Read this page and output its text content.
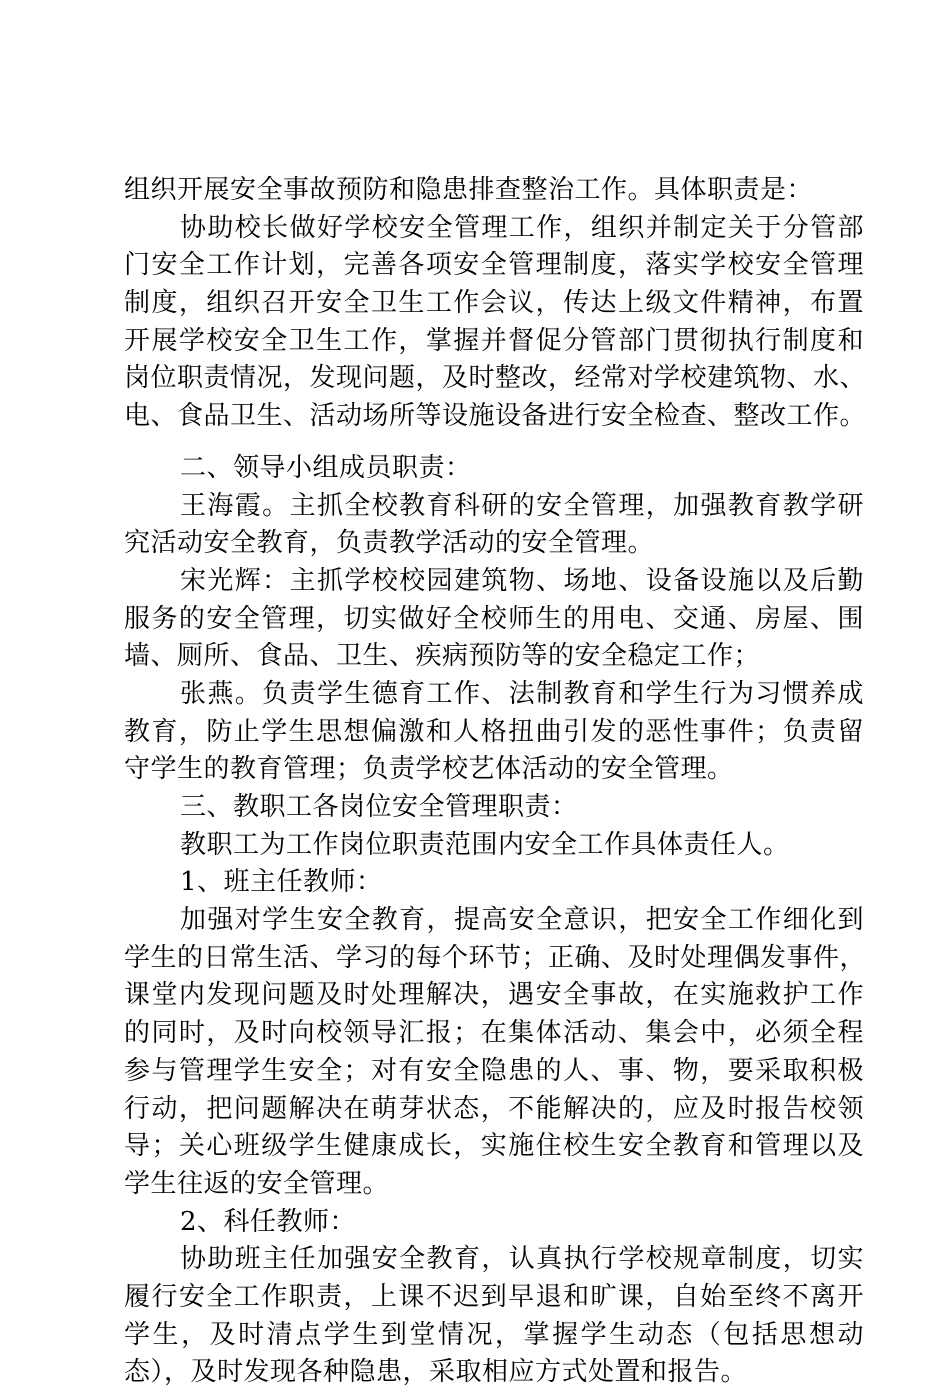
组织开展安全事故预防和隐患排查整治工作。具体职责是：
协助校长做好学校安全管理工作，组织并制定关于分管部
门安全工作计划，完善各项安全管理制度，落实学校安全管理
制度，组织召开安全卫生工作会议，传达上级文件精神，布置
开展学校安全卫生工作，掌握并督促分管部门贯彻执行制度和
岗位职责情况，发现问题，及时整改，经常对学校建筑物、水、
电、食品卫生、活动场所等设施设备进行安全检查、整改工作。
二、领导小组成员职责：
王海霞。主抓全校教育科研的安全管理，加强教育教学研
究活动安全教育，负责教学活动的安全管理。
宋光辉：主抓学校校园建筑物、场地、设备设施以及后勤
服务的安全管理，切实做好全校师生的用电、交通、房屋、围
墙、厕所、食品、卫生、疾病预防等的安全稳定工作；
张燕。负责学生德育工作、法制教育和学生行为习惯养成
教育，防止学生思想偏激和人格扭曲引发的恶性事件；负责留
守学生的教育管理；负责学校艺体活动的安全管理。
三、教职工各岗位安全管理职责：
教职工为工作岗位职责范围内安全工作具体责任人。
1、班主任教师：
加强对学生安全教育，提高安全意识，把安全工作细化到
学生的日常生活、学习的每个环节；正确、及时处理偶发事件，
课堂内发现问题及时处理解决，遇安全事故，在实施救护工作
的同时，及时向校领导汇报；在集体活动、集会中，必须全程
参与管理学生安全；对有安全隐患的人、事、物，要采取积极
行动，把问题解决在萌芽状态，不能解决的，应及时报告校领
导；关心班级学生健康成长，实施住校生安全教育和管理以及
学生往返的安全管理。
2、科任教师：
协助班主任加强安全教育，认真执行学校规章制度，切实
履行安全工作职责，上课不迟到早退和旷课，自始至终不离开
学生，及时清点学生到堂情况，掌握学生动态（包括思想动
态），及时发现各种隐患，采取相应方式处置和报告。
